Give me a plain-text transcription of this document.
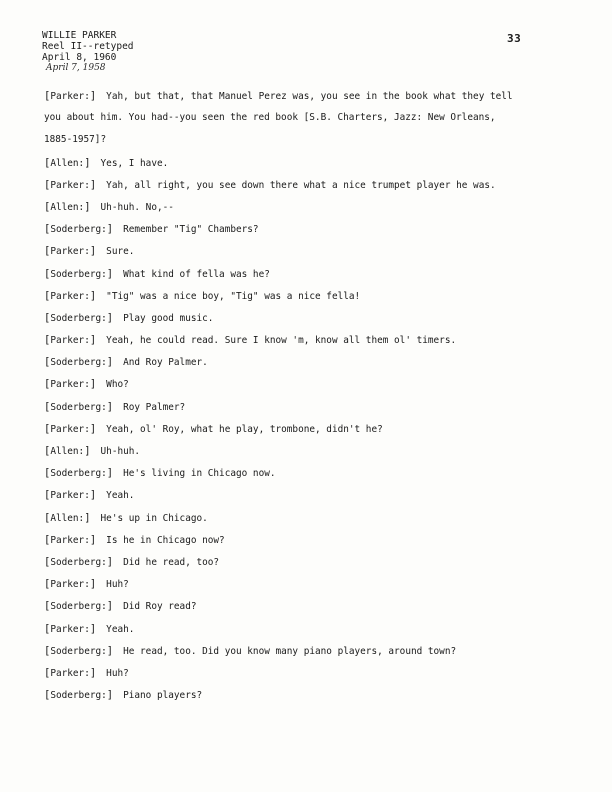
WILLIE PARKER
Reel II--retyped
April 8, 1960
April 7, 1958
33
[Parker:] Yah, but that, that Manuel Perez was, you see in the book what they tell
you about him. You had--you seen the red book [S.B. Charters, Jazz: New Orleans,
1885-1957]?
[Allen:] Yes, I have.
[Parker:] Yah, all right, you see down there what a nice trumpet player he was.
[Allen:] Uh-huh. No,--
[Soderberg:] Remember "Tig" Chambers?
[Parker:] Sure.
[Soderberg:] What kind of fella was he?
[Parker:] "Tig" was a nice boy, "Tig" was a nice fella!
[Soderberg:] Play good music.
[Parker:] Yeah, he could read. Sure I know 'm, know all them ol' timers.
[Soderberg:] And Roy Palmer.
[Parker:] Who?
[Soderberg:] Roy Palmer?
[Parker:] Yeah, ol' Roy, what he play, trombone, didn't he?
[Allen:] Uh-huh.
[Soderberg:] He's living in Chicago now.
[Parker:] Yeah.
[Allen:] He's up in Chicago.
[Parker:] Is he in Chicago now?
[Soderberg:] Did he read, too?
[Parker:] Huh?
[Soderberg:] Did Roy read?
[Parker:] Yeah.
[Soderberg:] He read, too. Did you know many piano players, around town?
[Parker:] Huh?
[Soderberg:] Piano players?
